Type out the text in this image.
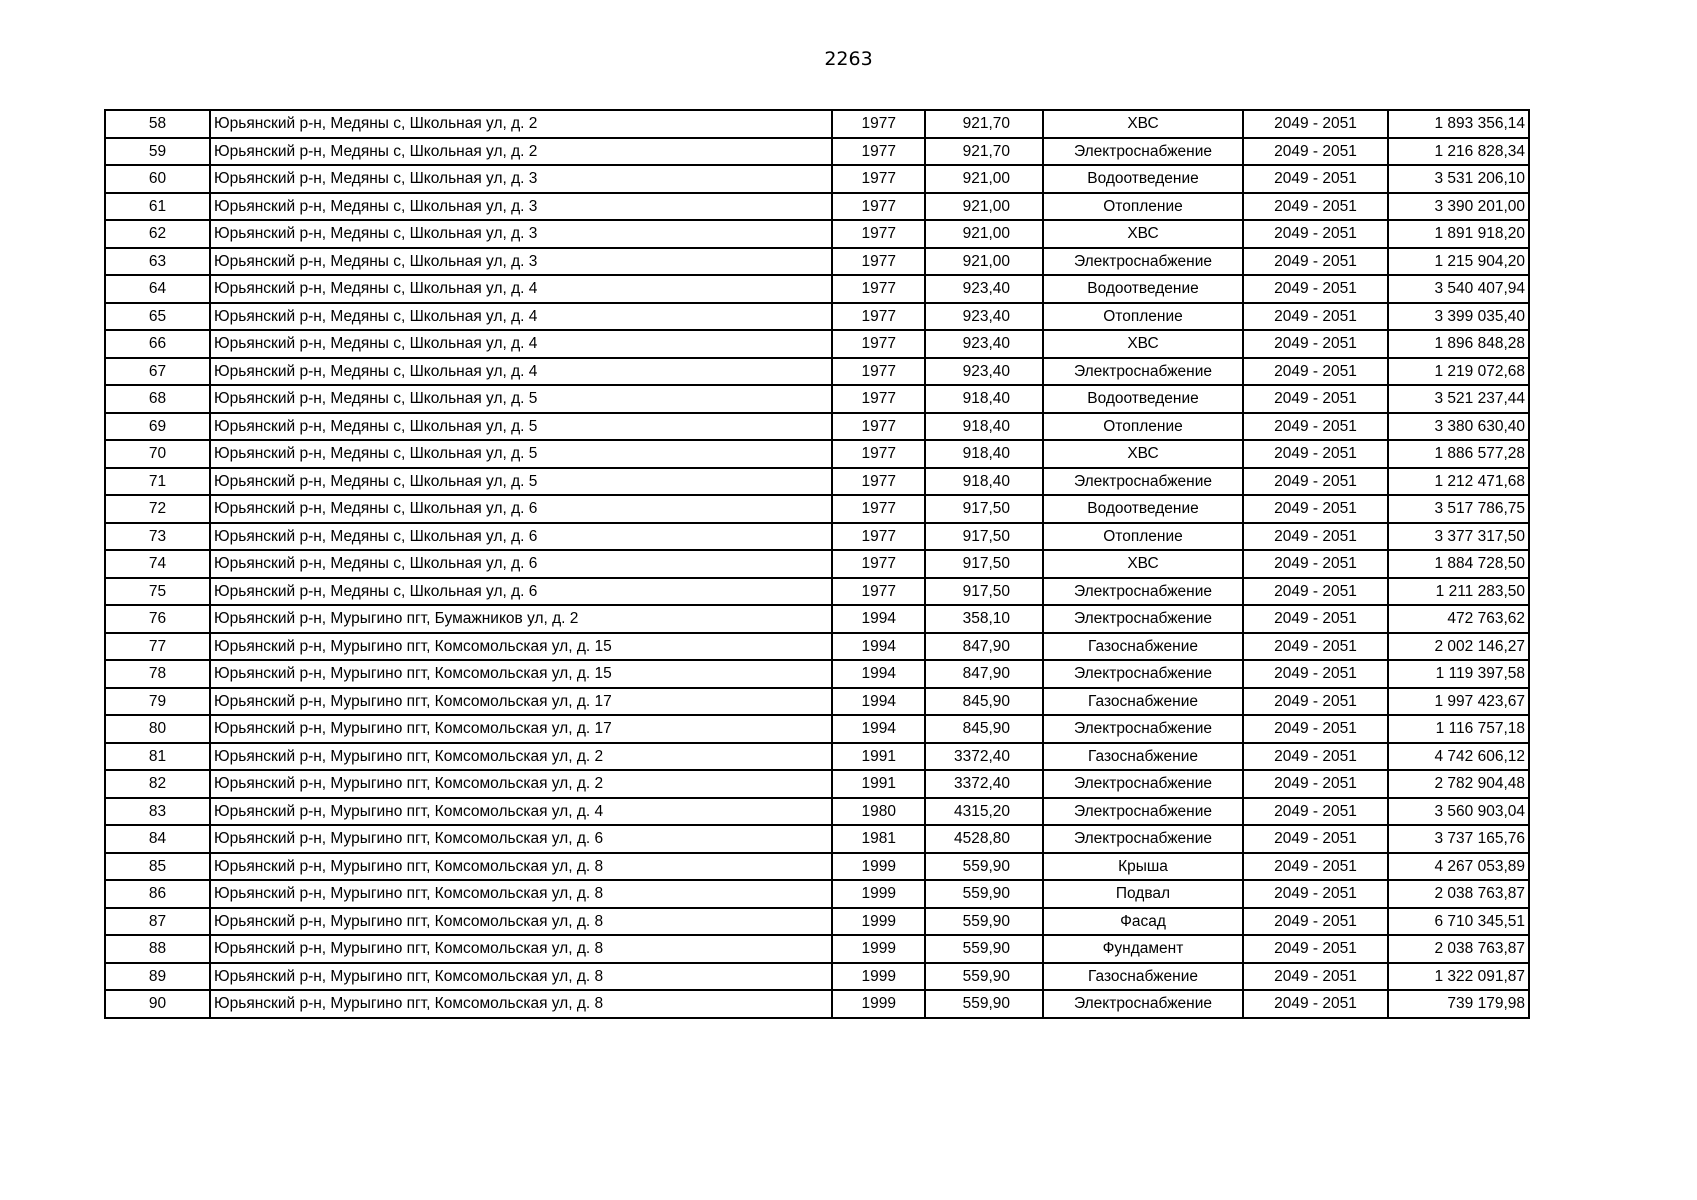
2263
58	Юрьянский р-н, Медяны с, Школьная ул, д. 2	1977	921,70	ХВС	2049 - 2051	1 893 356,14
59	Юрьянский р-н, Медяны с, Школьная ул, д. 2	1977	921,70	Электроснабжение	2049 - 2051	1 216 828,34
60	Юрьянский р-н, Медяны с, Школьная ул, д. 3	1977	921,00	Водоотведение	2049 - 2051	3 531 206,10
61	Юрьянский р-н, Медяны с, Школьная ул, д. 3	1977	921,00	Отопление	2049 - 2051	3 390 201,00
62	Юрьянский р-н, Медяны с, Школьная ул, д. 3	1977	921,00	ХВС	2049 - 2051	1 891 918,20
63	Юрьянский р-н, Медяны с, Школьная ул, д. 3	1977	921,00	Электроснабжение	2049 - 2051	1 215 904,20
64	Юрьянский р-н, Медяны с, Школьная ул, д. 4	1977	923,40	Водоотведение	2049 - 2051	3 540 407,94
65	Юрьянский р-н, Медяны с, Школьная ул, д. 4	1977	923,40	Отопление	2049 - 2051	3 399 035,40
66	Юрьянский р-н, Медяны с, Школьная ул, д. 4	1977	923,40	ХВС	2049 - 2051	1 896 848,28
67	Юрьянский р-н, Медяны с, Школьная ул, д. 4	1977	923,40	Электроснабжение	2049 - 2051	1 219 072,68
68	Юрьянский р-н, Медяны с, Школьная ул, д. 5	1977	918,40	Водоотведение	2049 - 2051	3 521 237,44
69	Юрьянский р-н, Медяны с, Школьная ул, д. 5	1977	918,40	Отопление	2049 - 2051	3 380 630,40
70	Юрьянский р-н, Медяны с, Школьная ул, д. 5	1977	918,40	ХВС	2049 - 2051	1 886 577,28
71	Юрьянский р-н, Медяны с, Школьная ул, д. 5	1977	918,40	Электроснабжение	2049 - 2051	1 212 471,68
72	Юрьянский р-н, Медяны с, Школьная ул, д. 6	1977	917,50	Водоотведение	2049 - 2051	3 517 786,75
73	Юрьянский р-н, Медяны с, Школьная ул, д. 6	1977	917,50	Отопление	2049 - 2051	3 377 317,50
74	Юрьянский р-н, Медяны с, Школьная ул, д. 6	1977	917,50	ХВС	2049 - 2051	1 884 728,50
75	Юрьянский р-н, Медяны с, Школьная ул, д. 6	1977	917,50	Электроснабжение	2049 - 2051	1 211 283,50
76	Юрьянский р-н, Мурыгино пгт, Бумажников ул, д. 2	1994	358,10	Электроснабжение	2049 - 2051	472 763,62
77	Юрьянский р-н, Мурыгино пгт, Комсомольская ул, д. 15	1994	847,90	Газоснабжение	2049 - 2051	2 002 146,27
78	Юрьянский р-н, Мурыгино пгт, Комсомольская ул, д. 15	1994	847,90	Электроснабжение	2049 - 2051	1 119 397,58
79	Юрьянский р-н, Мурыгино пгт, Комсомольская ул, д. 17	1994	845,90	Газоснабжение	2049 - 2051	1 997 423,67
80	Юрьянский р-н, Мурыгино пгт, Комсомольская ул, д. 17	1994	845,90	Электроснабжение	2049 - 2051	1 116 757,18
81	Юрьянский р-н, Мурыгино пгт, Комсомольская ул, д. 2	1991	3372,40	Газоснабжение	2049 - 2051	4 742 606,12
82	Юрьянский р-н, Мурыгино пгт, Комсомольская ул, д. 2	1991	3372,40	Электроснабжение	2049 - 2051	2 782 904,48
83	Юрьянский р-н, Мурыгино пгт, Комсомольская ул, д. 4	1980	4315,20	Электроснабжение	2049 - 2051	3 560 903,04
84	Юрьянский р-н, Мурыгино пгт, Комсомольская ул, д. 6	1981	4528,80	Электроснабжение	2049 - 2051	3 737 165,76
85	Юрьянский р-н, Мурыгино пгт, Комсомольская ул, д. 8	1999	559,90	Крыша	2049 - 2051	4 267 053,89
86	Юрьянский р-н, Мурыгино пгт, Комсомольская ул, д. 8	1999	559,90	Подвал	2049 - 2051	2 038 763,87
87	Юрьянский р-н, Мурыгино пгт, Комсомольская ул, д. 8	1999	559,90	Фасад	2049 - 2051	6 710 345,51
88	Юрьянский р-н, Мурыгино пгт, Комсомольская ул, д. 8	1999	559,90	Фундамент	2049 - 2051	2 038 763,87
89	Юрьянский р-н, Мурыгино пгт, Комсомольская ул, д. 8	1999	559,90	Газоснабжение	2049 - 2051	1 322 091,87
90	Юрьянский р-н, Мурыгино пгт, Комсомольская ул, д. 8	1999	559,90	Электроснабжение	2049 - 2051	739 179,98
